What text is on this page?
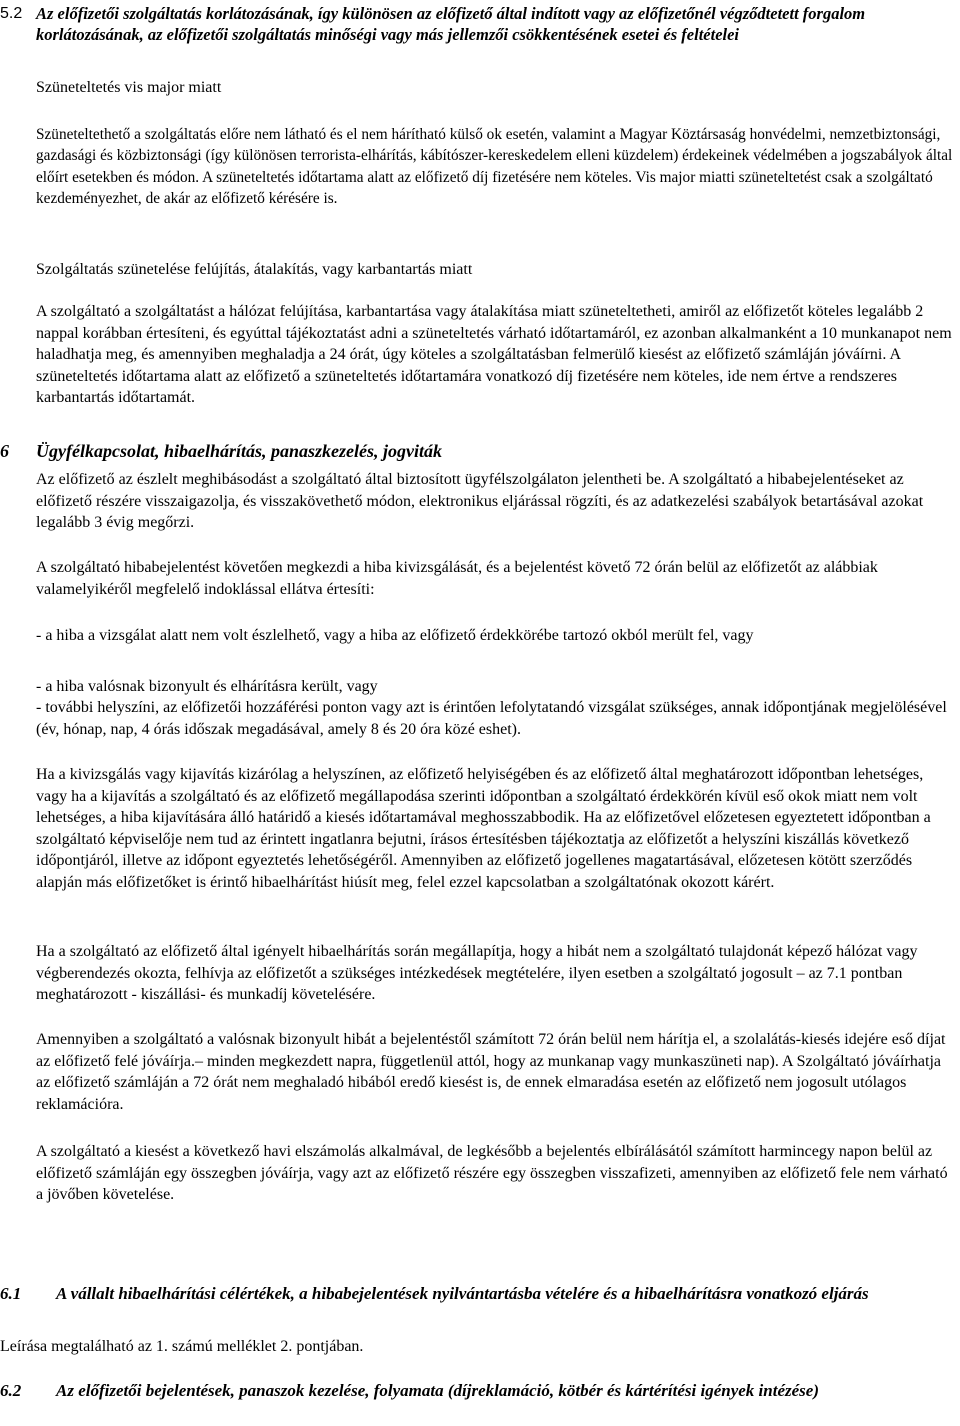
5.2 Az előfizetői szolgáltatás korlátozásának, így különösen az előfizető által indított vagy az előfizetőnél végződtetett forgalom korlátozásának, az előfizetői szolgáltatás minőségi vagy más jellemzői csökkentésének esetei és feltételei

Szüneteltetés vis major miatt

Szüneteltethető a szolgáltatás előre nem látható és el nem hárítható külső ok esetén, valamint a Magyar Köztársaság honvédelmi, nemzetbiztonsági, gazdasági és közbiztonsági (így különösen terrorista-elhárítás, kábítószer-kereskedelem elleni küzdelem) érdekeinek védelmében a jogszabályok által előírt esetekben és módon. A szüneteltetés időtartama alatt az előfizető díj fizetésére nem köteles. Vis major miatti szüneteltetést csak a szolgáltató kezdeményezhet, de akár az előfizető kérésére is.

Szolgáltatás szünetelése felújítás, átalakítás, vagy karbantartás miatt

A szolgáltató a szolgáltatást a hálózat felújítása, karbantartása vagy átalakítása miatt szüneteltetheti, amiről az előfizetőt köteles legalább 2 nappal korábban értesíteni, és egyúttal tájékoztatást adni a szüneteltetés várható időtartamáról, ez azonban alkalmanként a 10 munkanapot nem haladhatja meg, és amennyiben meghaladja a 24 órát, úgy köteles a szolgáltatásban felmerülő kiesést az előfizető számláján jóváírni. A szüneteltetés időtartama alatt az előfizető a szüneteltetés időtartamára vonatkozó díj fizetésére nem köteles, ide nem értve a rendszeres karbantartás időtartamát.

6 Ügyfélkapcsolat, hibaelhárítás, panaszkezelés, jogviták

Az előfizető az észlelt meghibásodást a szolgáltató által biztosított ügyfélszolgálaton jelentheti be. A szolgáltató a hibabejelentéseket az előfizető részére visszaigazolja, és visszakövethető módon, elektronikus eljárással rögzíti, és az adatkezelési szabályok betartásával azokat legalább 3 évig megőrzi.

A szolgáltató hibabejelentést követően megkezdi a hiba kivizsgálását, és a bejelentést követő 72 órán belül az előfizetőt az alábbiak valamelyikéről megfelelő indoklással ellátva értesíti:

- a hiba a vizsgálat alatt nem volt észlelhető, vagy a hiba az előfizető érdekkörébe tartozó okból merült fel, vagy

- a hiba valósnak bizonyult és elhárításra került, vagy

- további helyszíni, az előfizetői hozzáférési ponton vagy azt is érintően lefolytatandó vizsgálat szükséges, annak időpontjának megjelölésével (év, hónap, nap, 4 órás időszak megadásával, amely 8 és 20 óra közé eshet).

Ha a kivizsgálás vagy kijavítás kizárólag a helyszínen, az előfizető helyiségében és az előfizető által meghatározott időpontban lehetséges, vagy ha a kijavítás a szolgáltató és az előfizető megállapodása szerinti időpontban a szolgáltató érdekkörén kívül eső okok miatt nem volt lehetséges, a hiba kijavítására álló határidő a kiesés időtartamával meghosszabbodik. Ha az előfizetővel előzetesen egyeztetett időpontban a szolgáltató képviselője nem tud az érintett ingatlanra bejutni, írásos értesítésben tájékoztatja az előfizetőt a helyszíni kiszállás következő időpontjáról, illetve az időpont egyeztetés lehetőségéről. Amennyiben az előfizető jogellenes magatartásával, előzetesen kötött szerződés alapján más előfizetőket is érintő hibaelhárítást hiúsít meg, felel ezzel kapcsolatban a szolgáltatónak okozott kárért.

Ha a szolgáltató az előfizető által igényelt hibaelhárítás során megállapítja, hogy a hibát nem a szolgáltató tulajdonát képező hálózat vagy végberendezés okozta, felhívja az előfizetőt a szükséges intézkedések megtételére, ilyen esetben a szolgáltató jogosult – az 7.1 pontban meghatározott - kiszállási- és munkadíj követelésére.

Amennyiben a szolgáltató a valósnak bizonyult hibát a bejelentéstől számított 72 órán belül nem hárítja el, a szolalátás-kiesés idejére eső díjat az előfizető felé jóváírja.– minden megkezdett napra, függetlenül attól, hogy az munkanap vagy munkaszüneti nap). A Szolgáltató jóváírhatja az előfizető számláján a 72 órát nem meghaladó hibából eredő kiesést is, de ennek elmaradása esetén az előfizető nem jogosult utólagos reklamációra.

A szolgáltató a kiesést a következő havi elszámolás alkalmával, de legkésőbb a bejelentés elbírálásától számított harmincegy napon belül az előfizető számláján egy összegben jóváírja, vagy azt az előfizető részére egy összegben visszafizeti, amennyiben az előfizető fele nem várható a jövőben követelése.

6.1 A vállalt hibaelhárítási célértékek, a hibabejelentések nyilvántartásba vételére és a hibaelhárításra vonatkozó eljárás

Leírása megtalálható az 1. számú melléklet 2. pontjában.

6.2 Az előfizetői bejelentések, panaszok kezelése, folyamata (díjreklamáció, kötbér és kártérítési igények intézése)
